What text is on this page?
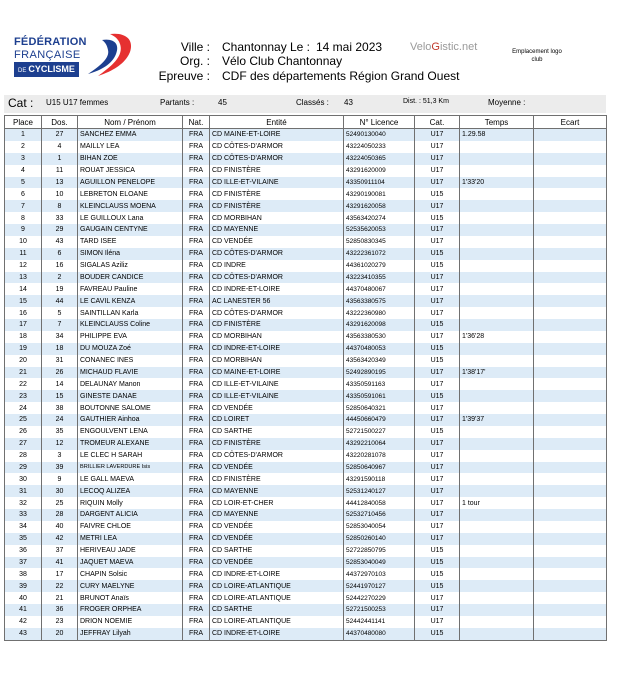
FÉDÉRATION
FRANÇAISE
DE CYCLISME
Ville : Chantonnay Le : 14 mai 2023
Org. : Vélo Club Chantonnay
Epreuve : CDF des départements Région Grand Ouest
VeloGistic.net	Emplacement logo club
Cat : U15 U17 femmes	Partants :	45	Classés : 43	Dist. : 51,3 Km	Moyenne :
Place	Dos.	Nom / Prénom	Nat.	Entité	N° Licence	Cat.	Temps	Ecart
1	27	SANCHEZ EMMA	FRA	CD MAINE-ET-LOIRE	52490130040	U17	1.29.58	
2	4	MAILLY LEA	FRA	CD CÔTES-D'ARMOR	43224050233	U17		
3	1	BIHAN ZOE	FRA	CD CÔTES-D'ARMOR	43224050365	U17		
4	11	ROUAT JESSICA	FRA	CD FINISTÈRE	43291620009	U17		
5	13	AGUILLON PENELOPE	FRA	CD ILLE-ET-VILAINE	43350911104	U17	1'33'20	
6	10	LEBRETON ELOANE	FRA	CD FINISTÈRE	43290190081	U15		
7	8	KLEINCLAUSS MOENA	FRA	CD FINISTÈRE	43291620058	U17		
8	33	LE GUILLOUX Lana	FRA	CD MORBIHAN	43563420274	U15		
9	29	GAUGAIN CENTYNE	FRA	CD MAYENNE	52535620053	U17		
10	43	TARD ISEE	FRA	CD VENDÉE	52850830345	U17		
11	6	SIMON Iléna	FRA	CD CÔTES-D'ARMOR	43222361072	U15		
12	16	SIGALAS Aziliz	FRA	CD INDRE	44361020279	U15		
13	2	BOUDER CANDICE	FRA	CD CÔTES-D'ARMOR	43223410355	U17		
14	19	FAVREAU Pauline	FRA	CD INDRE-ET-LOIRE	44370480067	U17		
15	44	LE CAVIL KENZA	FRA	AC LANESTER 56	43563380575	U17		
16	5	SAINTILLAN Karla	FRA	CD CÔTES-D'ARMOR	43222360980	U17		
17	7	KLEINCLAUSS Coline	FRA	CD FINISTÈRE	43291620098	U15		
18	34	PHILIPPE EVA	FRA	CD MORBIHAN	43563380530	U17	1'36'28	
19	18	DU MOUZA Zoé	FRA	CD INDRE-ET-LOIRE	44370480053	U15		
20	31	CONANEC INES	FRA	CD MORBIHAN	43563420349	U15		
21	26	MICHAUD FLAVIE	FRA	CD MAINE-ET-LOIRE	52492890195	U17	1'38'17'	
22	14	DELAUNAY Manon	FRA	CD ILLE-ET-VILAINE	43350591163	U17		
23	15	GINESTE DANAE	FRA	CD ILLE-ET-VILAINE	43350591061	U15		
24	38	BOUTONNE SALOME	FRA	CD VENDÉE	52850640321	U17		
25	24	GAUTHIER Ainhoa	FRA	CD LOIRET	44450660479	U17	1'39'37	
26	35	ENGOULVENT LENA	FRA	CD SARTHE	52721500227	U15		
27	12	TROMEUR ALEXANE	FRA	CD FINISTÈRE	43292210064	U17		
28	3	LE CLEC H SARAH	FRA	CD CÔTES-D'ARMOR	43220281078	U17		
29	39	BRILLIER LAVERDURE Isis	FRA	CD VENDÉE	52850640967	U17		
30	9	LE GALL MAEVA	FRA	CD FINISTÈRE	43291590118	U17		
31	30	LECOQ ALIZEA	FRA	CD MAYENNE	52531240127	U17		
32	25	RIQUIN Molly	FRA	CD LOIR-ET-CHER	44412840058	U17	1 tour	
33	28	DARGENT ALICIA	FRA	CD MAYENNE	52532710456	U17		
34	40	FAIVRE CHLOE	FRA	CD VENDÉE	52853040054	U17		
35	42	METRI LEA	FRA	CD VENDÉE	52850260140	U17		
36	37	HERIVEAU JADE	FRA	CD SARTHE	52722850795	U15		
37	41	JAQUET MAEVA	FRA	CD VENDÉE	52853040049	U15		
38	17	CHAPIN Solsic	FRA	CD INDRE-ET-LOIRE	44372970103	U15		
39	22	CURY MAELYNE	FRA	CD LOIRE-ATLANTIQUE	52441970127	U15		
40	21	BRUNOT Anaïs	FRA	CD LOIRE-ATLANTIQUE	52442270229	U17		
41	36	FROGER ORPHEA	FRA	CD SARTHE	52721500253	U17		
42	23	DRION NOEMIE	FRA	CD LOIRE-ATLANTIQUE	52442441141	U17		
43	20	JEFFRAY Lilyah	FRA	CD INDRE-ET-LOIRE	44370480080	U15		
